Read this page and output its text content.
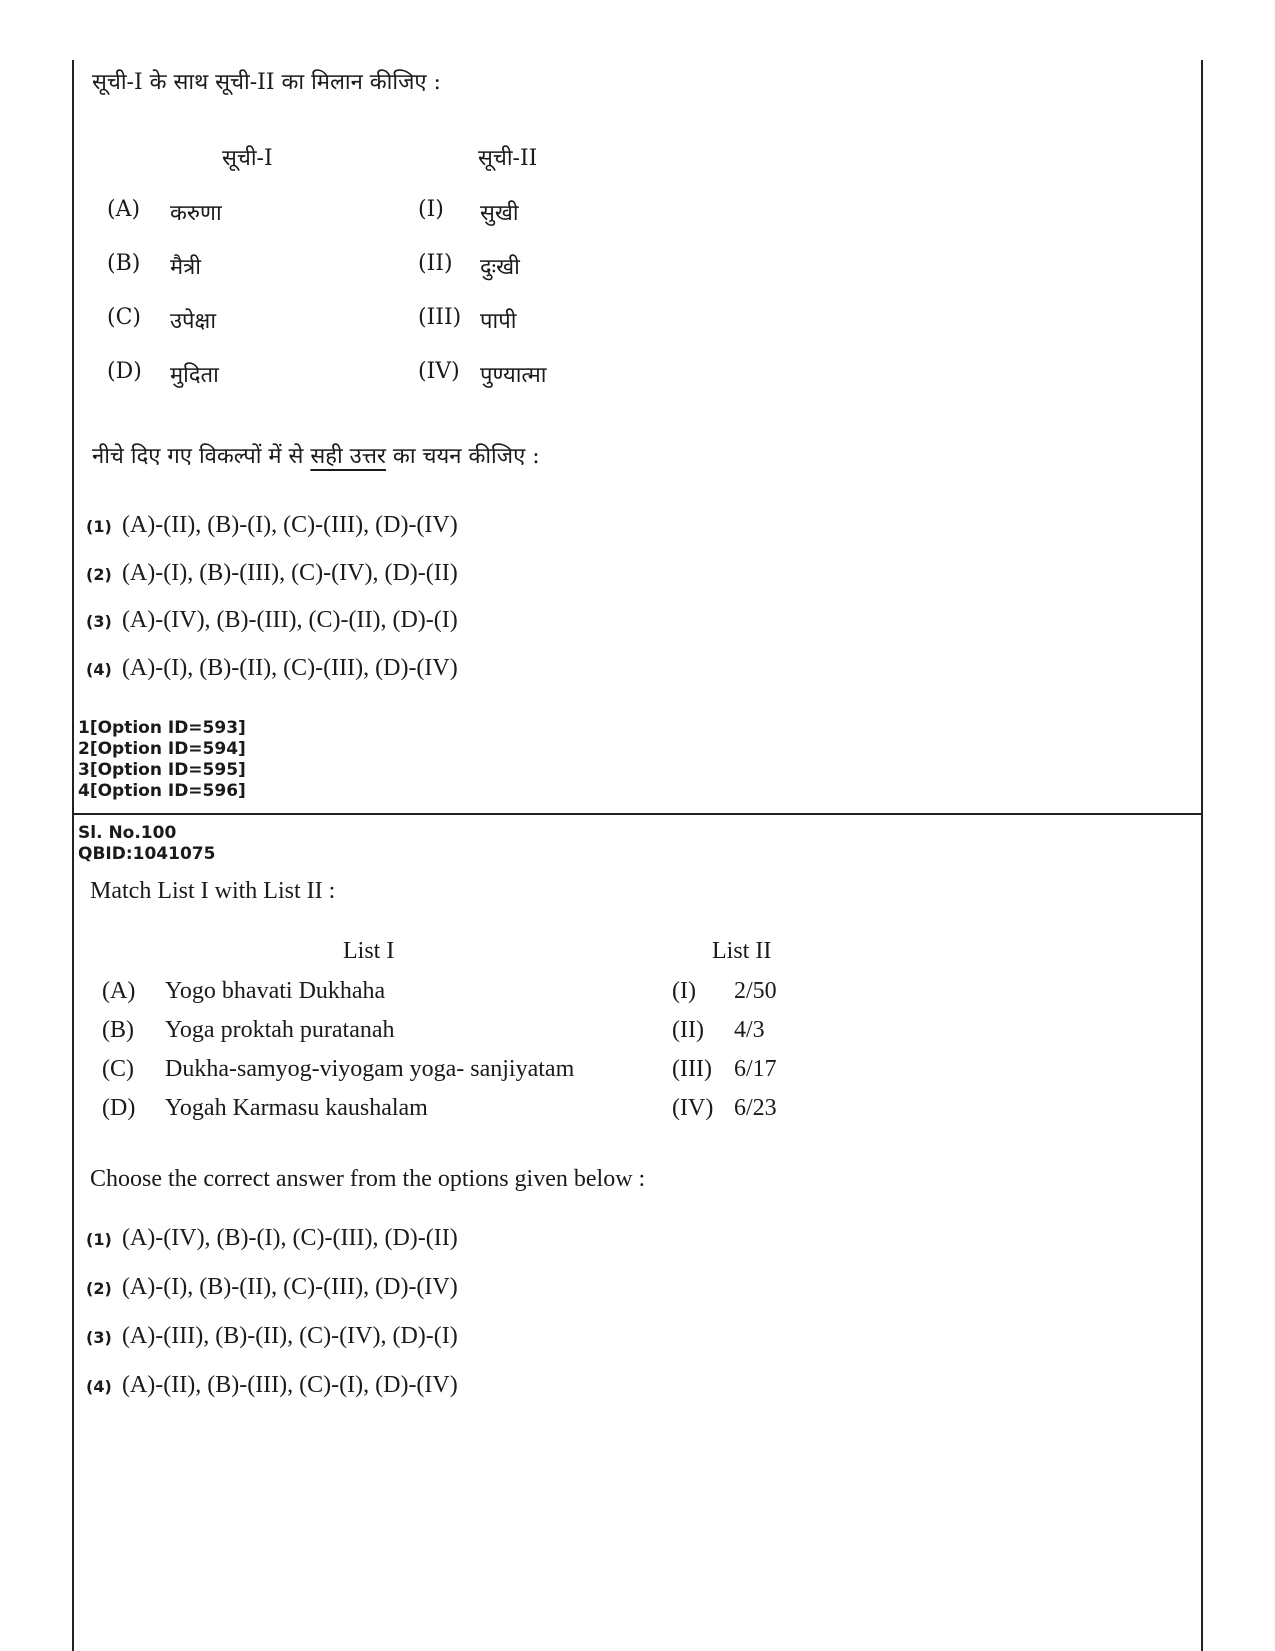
सूची-I के साथ सूची-II का मिलान कीजिए :
सूची-I	सूची-II
(A) करुणा	(I) सुखी
(B) मैत्री	(II) दुःखी
(C) उपेक्षा	(III) पापी
(D) मुदिता	(IV) पुण्यात्मा
नीचे दिए गए विकल्पों में से सही उत्तर का चयन कीजिए :
(1) (A)-(II), (B)-(I), (C)-(III), (D)-(IV)
(2) (A)-(I), (B)-(III), (C)-(IV), (D)-(II)
(3) (A)-(IV), (B)-(III), (C)-(II), (D)-(I)
(4) (A)-(I), (B)-(II), (C)-(III), (D)-(IV)
1[Option ID=593]
2[Option ID=594]
3[Option ID=595]
4[Option ID=596]
Sl. No.100
QBID:1041075
Match List I with List II :
List I	List II
(A) Yogo bhavati Dukhaha	(I) 2/50
(B) Yoga proktah puratanah	(II) 4/3
(C) Dukha-samyog-viyogam yoga- sanjiyatam	(III) 6/17
(D) Yogah Karmasu kaushalam	(IV) 6/23
Choose the correct answer from the options given below :
(1) (A)-(IV), (B)-(I), (C)-(III), (D)-(II)
(2) (A)-(I), (B)-(II), (C)-(III), (D)-(IV)
(3) (A)-(III), (B)-(II), (C)-(IV), (D)-(I)
(4) (A)-(II), (B)-(III), (C)-(I), (D)-(IV)
